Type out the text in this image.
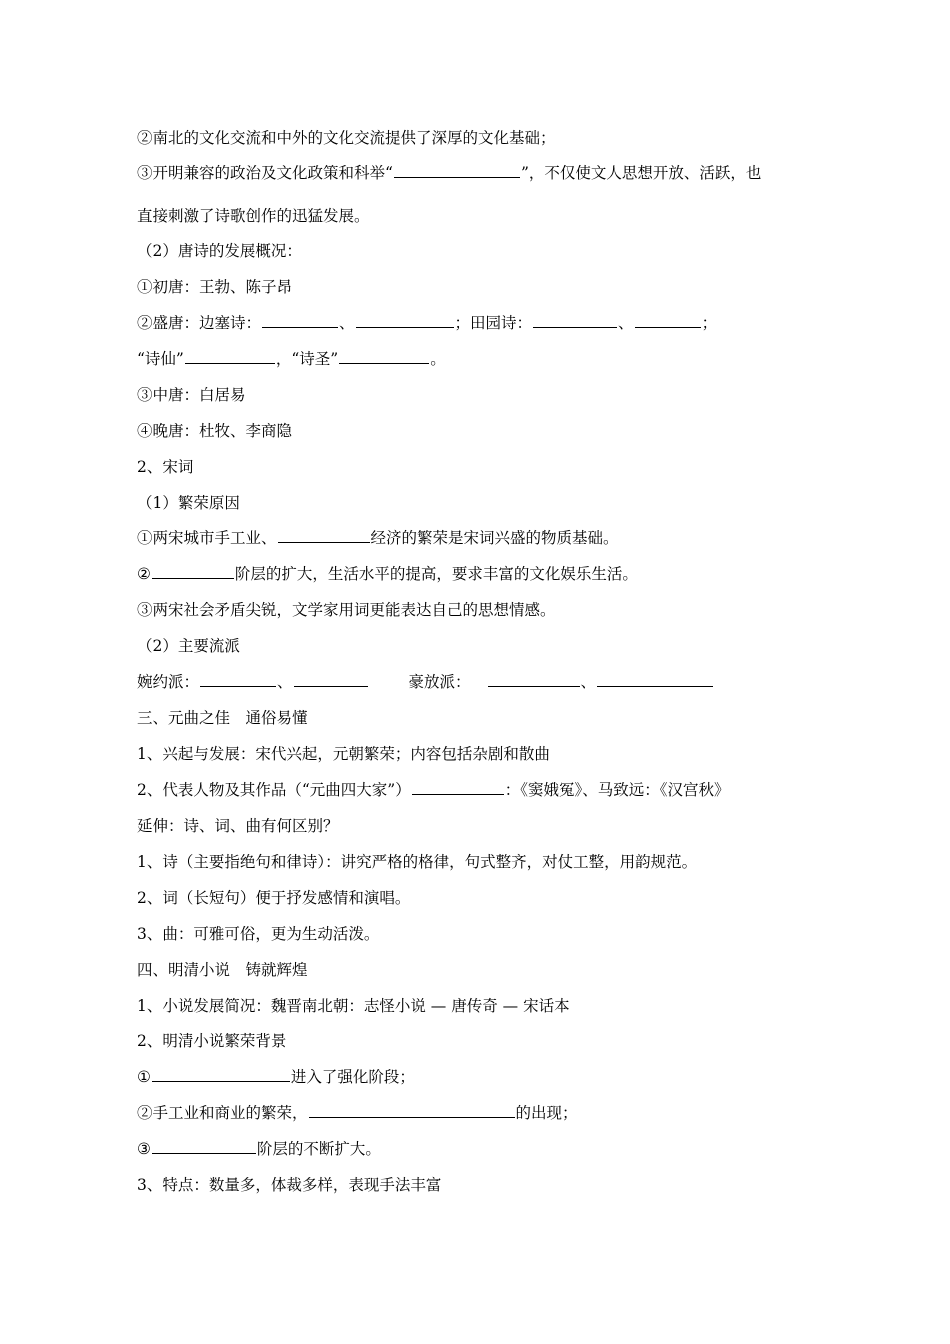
②南北的文化交流和中外的文化交流提供了深厚的文化基础；
③开明兼容的政治及文化政策和科举“	”，不仅使文人思想开放、活跃，也
直接刺激了诗歌创作的迅猛发展。
（2）唐诗的发展概况：
①初唐：王勃、陈子昂
②盛唐：边塞诗：	、	；田园诗：	、	；
“诗仙”	，“诗圣”	。
③中唐：白居易
④晚唐：杜牧、李商隐
2、宋词
（1）繁荣原因
①两宋城市手工业、	经济的繁荣是宋词兴盛的物质基础。
②	阶层的扩大，生活水平的提高，要求丰富的文化娱乐生活。
③两宋社会矛盾尖锐，文学家用词更能表达自己的思想情感。
（2）主要流派
婉约派：	、	豪放派：	、
三、元曲之佳　通俗易懂
1、兴起与发展：宋代兴起，元朝繁荣；内容包括杂剧和散曲
2、代表人物及其作品（“元曲四大家”）	：《窦娥冤》、马致远：《汉宫秋》
延伸：诗、词、曲有何区别？
1、诗（主要指绝句和律诗）：讲究严格的格律，句式整齐，对仗工整，用韵规范。
2、词（长短句）便于抒发感情和演唱。
3、曲：可雅可俗，更为生动活泼。
四、明清小说　铸就辉煌
1、小说发展简况：魏晋南北朝：志怪小说 — 唐传奇 — 宋话本
2、明清小说繁荣背景
①	进入了强化阶段；
②手工业和商业的繁荣，	的出现；
③	阶层的不断扩大。
3、特点：数量多，体裁多样，表现手法丰富
